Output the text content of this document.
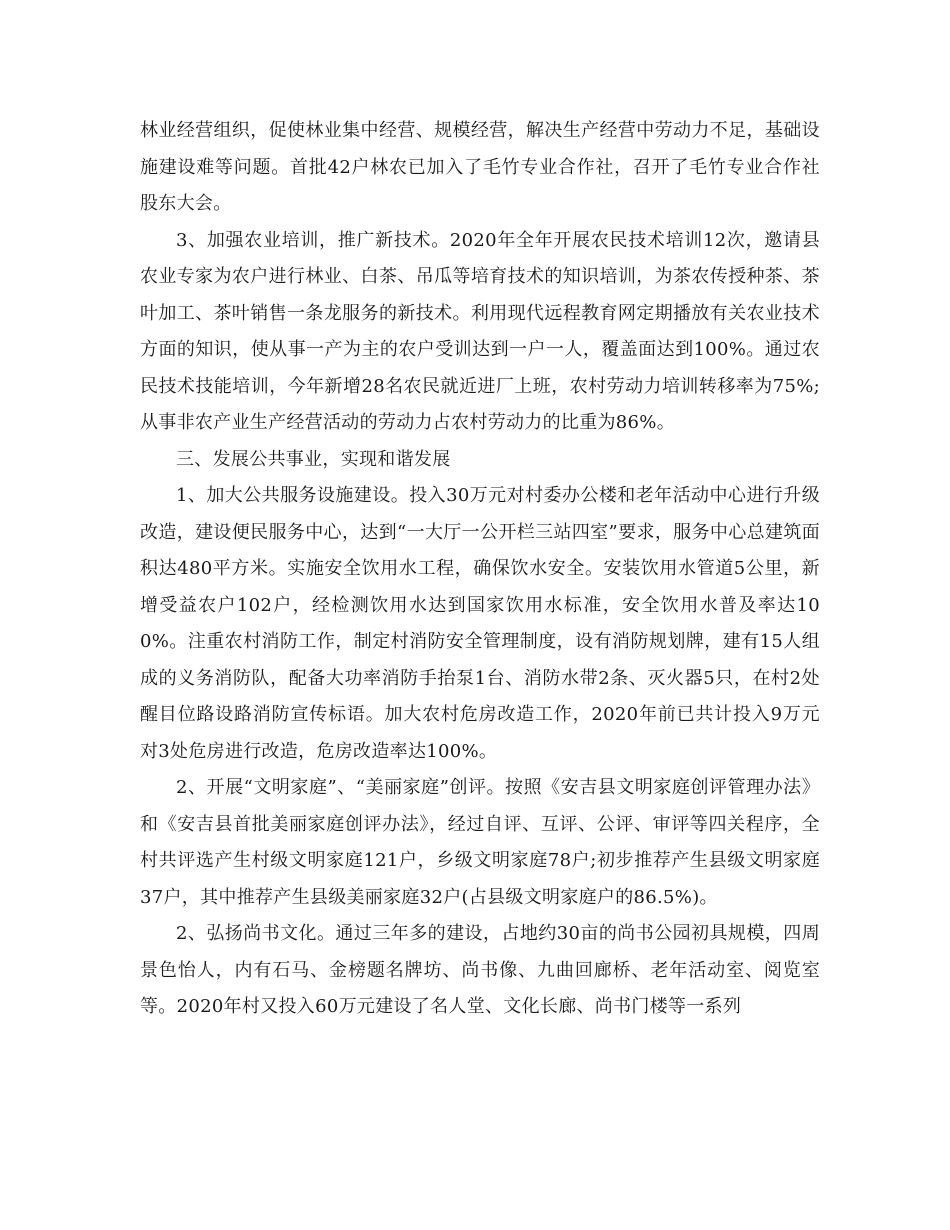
林业经营组织，促使林业集中经营、规模经营，解决生产经营中劳动力不足，基础设施建设难等问题。首批42户林农已加入了毛竹专业合作社，召开了毛竹专业合作社股东大会。

3、加强农业培训，推广新技术。2020年全年开展农民技术培训12次，邀请县农业专家为农户进行林业、白茶、吊瓜等培育技术的知识培训，为茶农传授种茶、茶叶加工、茶叶销售一条龙服务的新技术。利用现代远程教育网定期播放有关农业技术方面的知识，使从事一产为主的农户受训达到一户一人，覆盖面达到100%。通过农民技术技能培训，今年新增28名农民就近进厂上班，农村劳动力培训转移率为75%;从事非农产业生产经营活动的劳动力占农村劳动力的比重为86%。

三、发展公共事业，实现和谐发展

1、加大公共服务设施建设。投入30万元对村委办公楼和老年活动中心进行升级改造，建设便民服务中心，达到“一大厅一公开栏三站四室”要求，服务中心总建筑面积达480平方米。实施安全饮用水工程，确保饮水安全。安装饮用水管道5公里，新增受益农户102户，经检测饮用水达到国家饮用水标准，安全饮用水普及率达100%。注重农村消防工作，制定村消防安全管理制度，设有消防规划牌，建有15人组成的义务消防队，配备大功率消防手抬泵1台、消防水带2条、灭火器5只，在村2处醒目位路设路消防宣传标语。加大农村危房改造工作，2020年前已共计投入9万元对3处危房进行改造，危房改造率达100%。

2、开展“文明家庭”、“美丽家庭”创评。按照《安吉县文明家庭创评管理办法》和《安吉县首批美丽家庭创评办法》，经过自评、互评、公评、审评等四关程序，全村共评选产生村级文明家庭121户，乡级文明家庭78户;初步推荐产生县级文明家庭37户，其中推荐产生县级美丽家庭32户(占县级文明家庭户的86.5%)。

2、弘扬尚书文化。通过三年多的建设，占地约30亩的尚书公园初具规模，四周景色怡人，内有石马、金榜题名牌坊、尚书像、九曲回廊桥、老年活动室、阅览室等。2020年村又投入60万元建设了名人堂、文化长廊、尚书门楼等一系列
